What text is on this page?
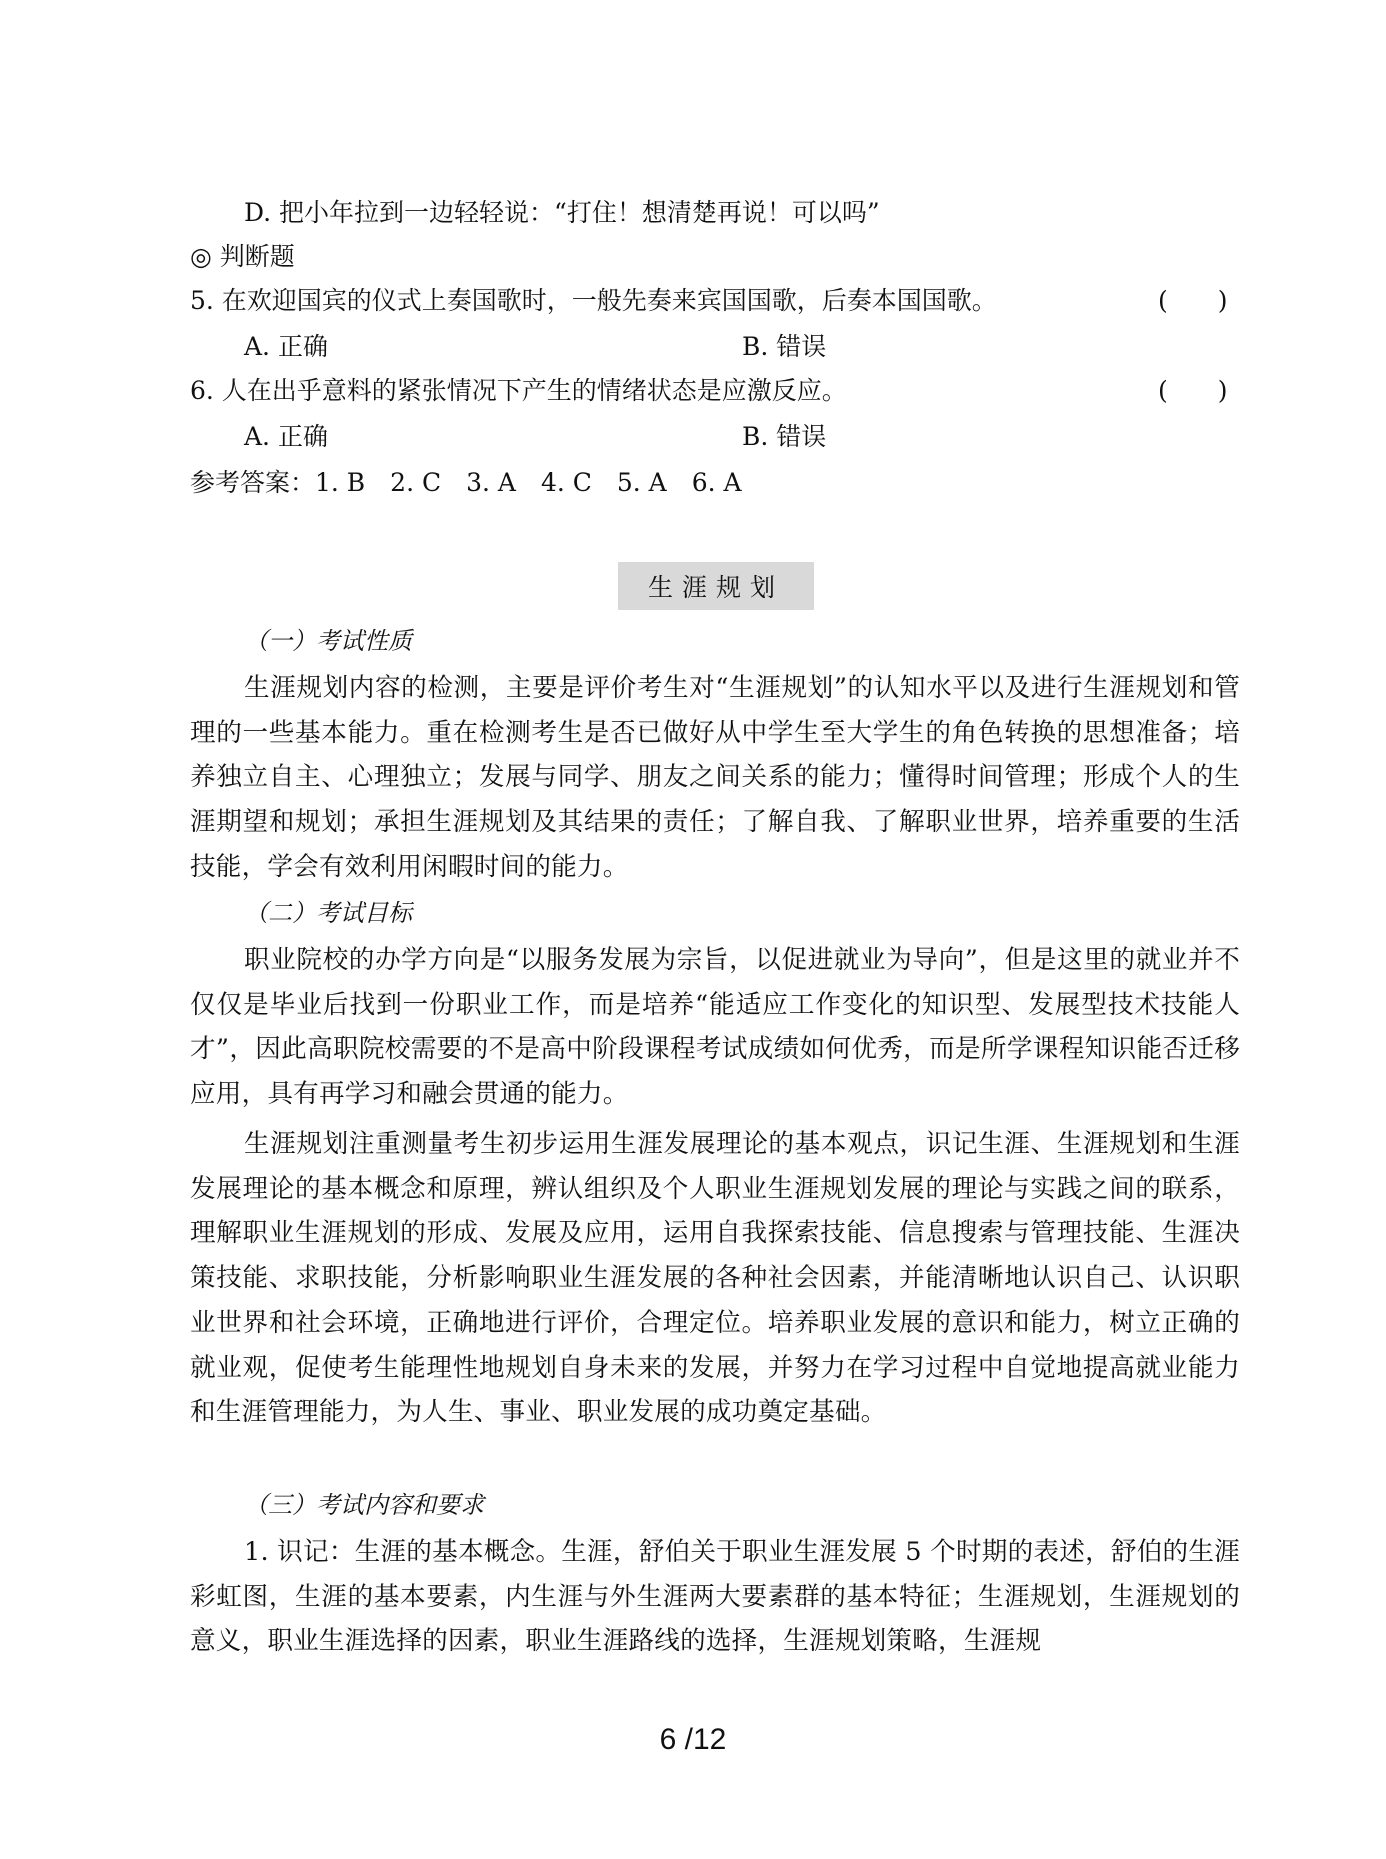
D. 把小年拉到一边轻轻说：“打住！想清楚再说！可以吗”
◎ 判断题
5. 在欢迎国宾的仪式上奏国歌时，一般先奏来宾国国歌，后奏本国国歌。	(　　)
A. 正确	B. 错误
6. 人在出乎意料的紧张情况下产生的情绪状态是应激反应。	(　　)
A. 正确	B. 错误
参考答案：1. B　2. C　3. A　4. C　5. A　6. A
生涯规划
（一）考试性质
生涯规划内容的检测，主要是评价考生对“生涯规划”的认知水平以及进行生涯规划和管理的一些基本能力。重在检测考生是否已做好从中学生至大学生的角色转换的思想准备；培养独立自主、心理独立；发展与同学、朋友之间关系的能力；懂得时间管理；形成个人的生涯期望和规划；承担生涯规划及其结果的责任；了解自我、了解职业世界，培养重要的生活技能，学会有效利用闲暇时间的能力。
（二）考试目标
职业院校的办学方向是“以服务发展为宗旨，以促进就业为导向”，但是这里的就业并不仅仅是毕业后找到一份职业工作，而是培养“能适应工作变化的知识型、发展型技术技能人才”，因此高职院校需要的不是高中阶段课程考试成绩如何优秀，而是所学课程知识能否迁移应用，具有再学习和融会贯通的能力。
生涯规划注重测量考生初步运用生涯发展理论的基本观点，识记生涯、生涯规划和生涯发展理论的基本概念和原理，辨认组织及个人职业生涯规划发展的理论与实践之间的联系，理解职业生涯规划的形成、发展及应用，运用自我探索技能、信息搜索与管理技能、生涯决策技能、求职技能，分析影响职业生涯发展的各种社会因素，并能清晰地认识自己、认识职业世界和社会环境，正确地进行评价，合理定位。培养职业发展的意识和能力，树立正确的就业观，促使考生能理性地规划自身未来的发展，并努力在学习过程中自觉地提高就业能力和生涯管理能力，为人生、事业、职业发展的成功奠定基础。
（三）考试内容和要求
1. 识记：生涯的基本概念。生涯，舒伯关于职业生涯发展 5 个时期的表述，舒伯的生涯彩虹图，生涯的基本要素，内生涯与外生涯两大要素群的基本特征；生涯规划，生涯规划的意义，职业生涯选择的因素，职业生涯路线的选择，生涯规划策略，生涯规
6 /12
